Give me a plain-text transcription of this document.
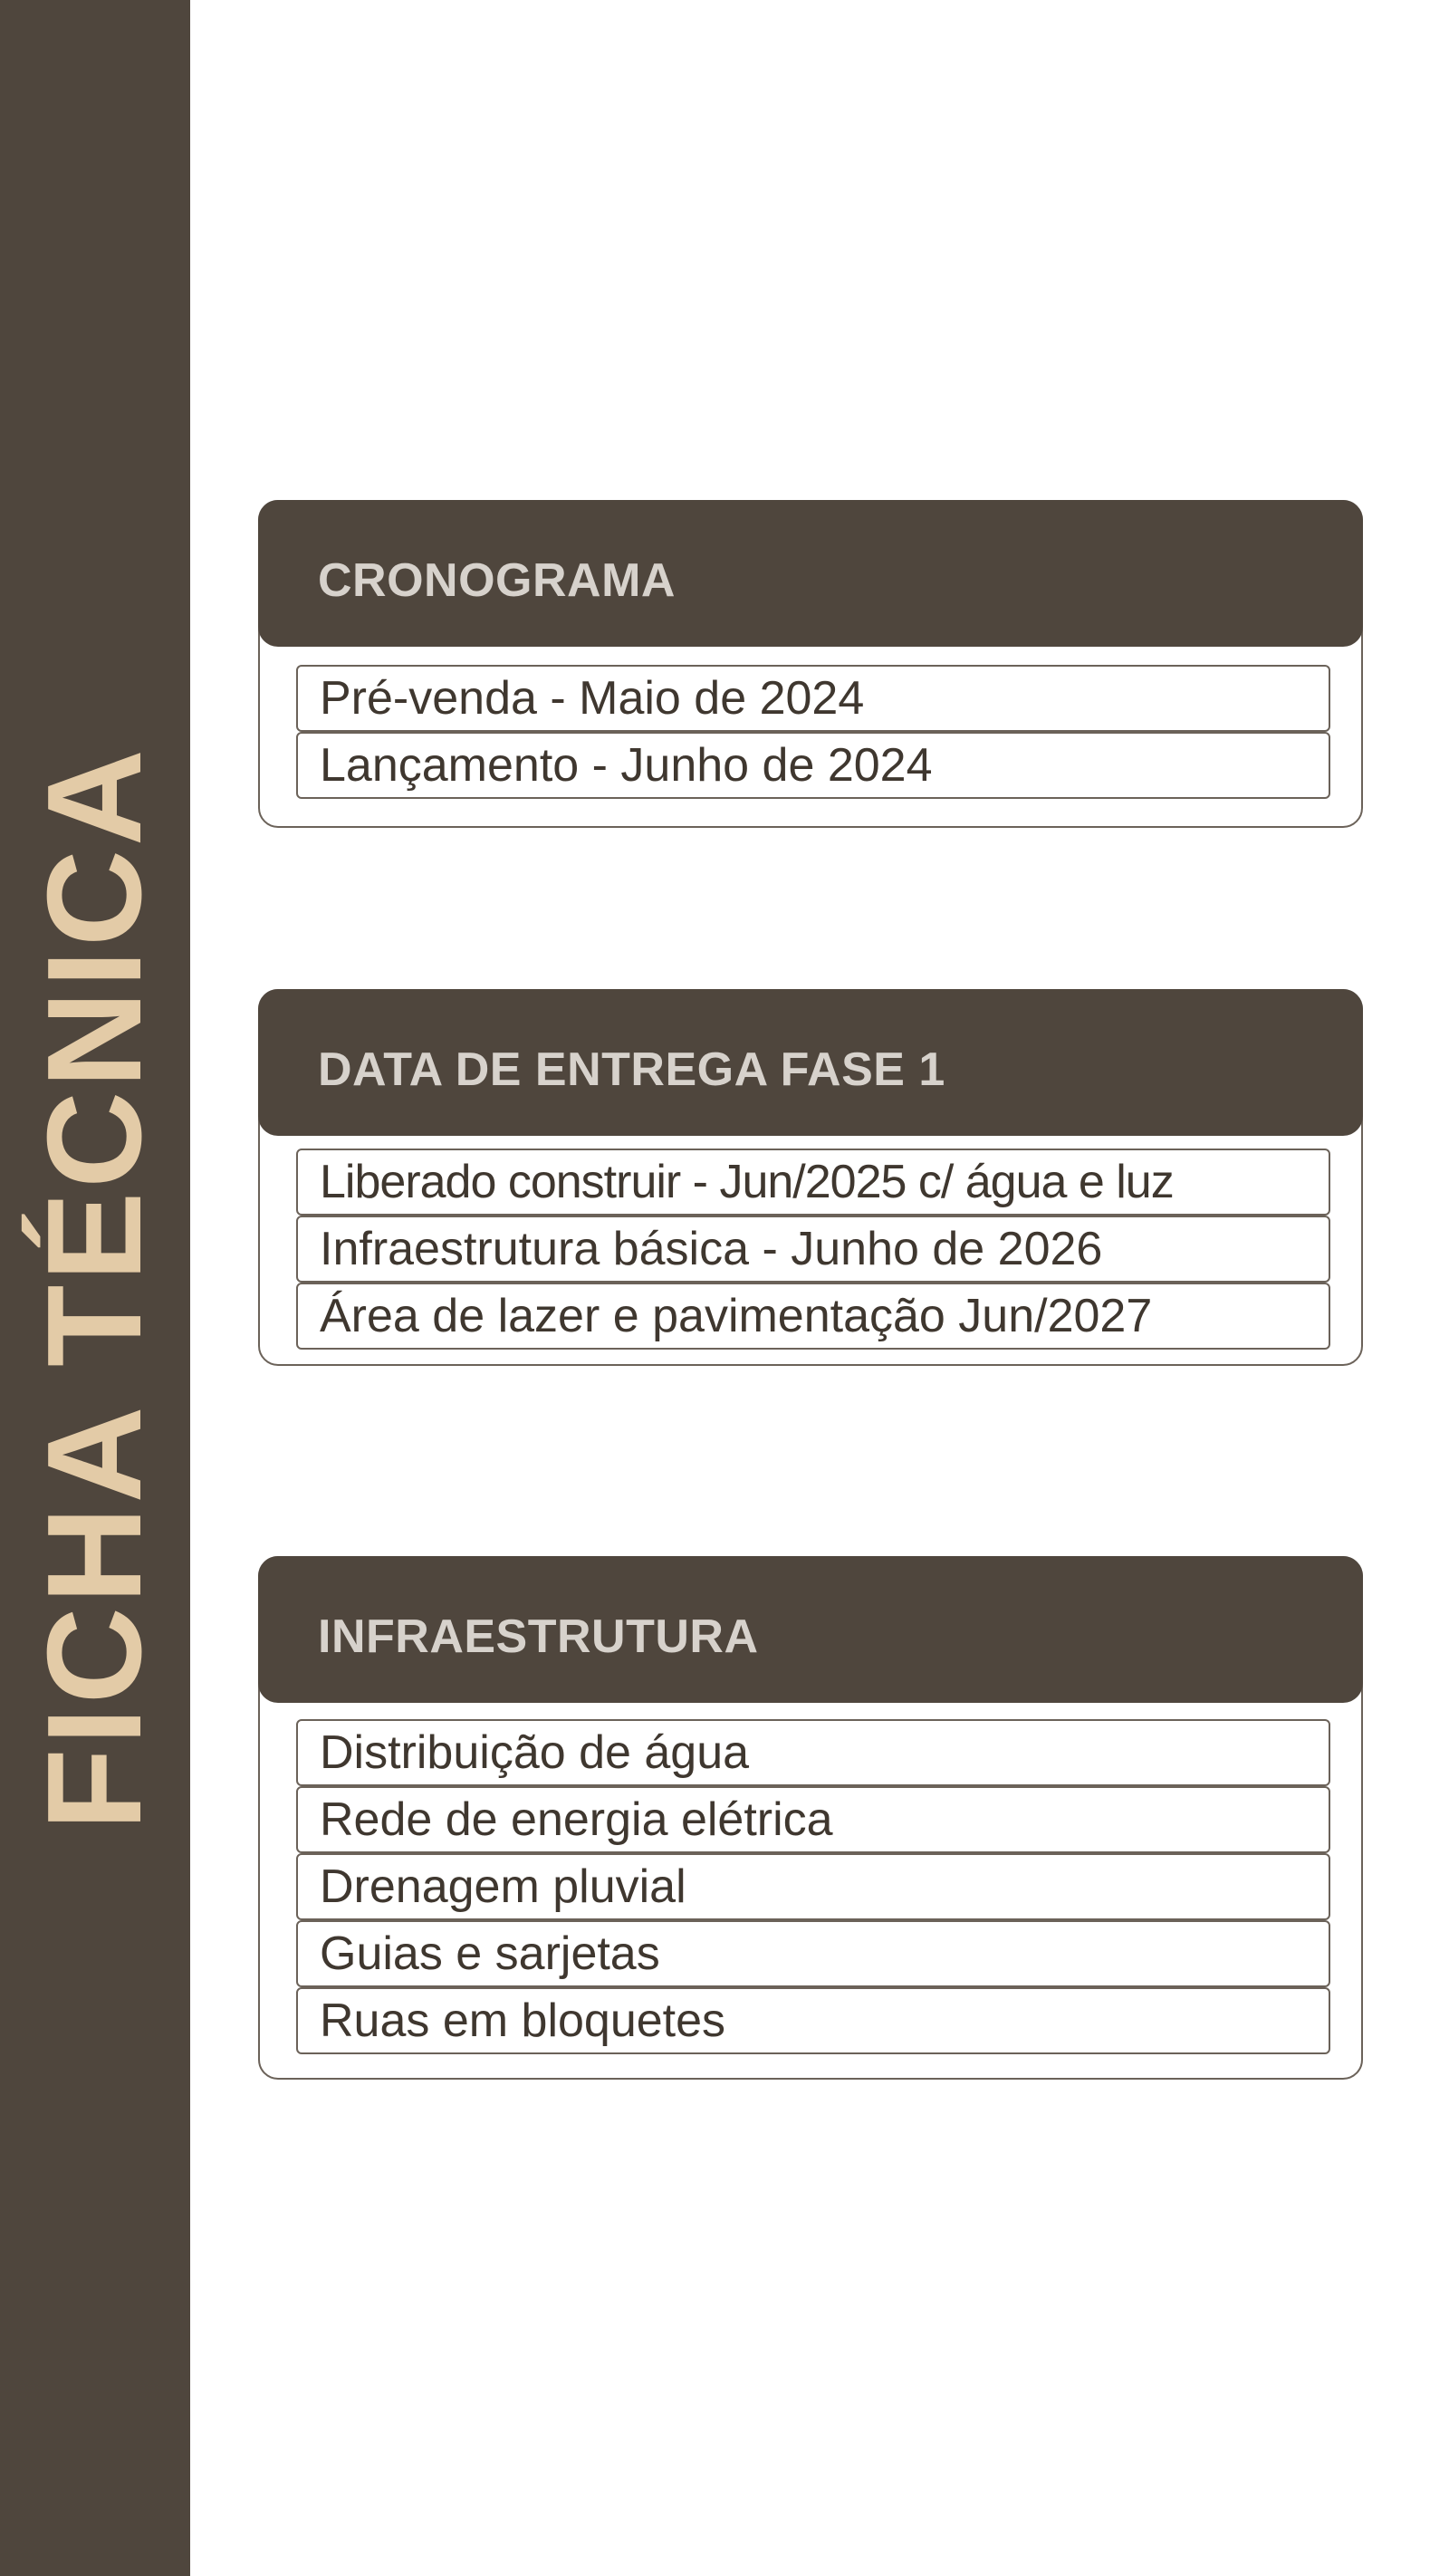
FICHA TÉCNICA
CRONOGRAMA
Pré-venda - Maio de 2024
Lançamento - Junho de 2024
DATA DE ENTREGA FASE 1
Liberado construir - Jun/2025 c/ água e luz
Infraestrutura básica - Junho de 2026
Área de lazer e pavimentação Jun/2027
INFRAESTRUTURA
Distribuição de água
Rede de energia elétrica
Drenagem pluvial
Guias e sarjetas
Ruas em bloquetes
